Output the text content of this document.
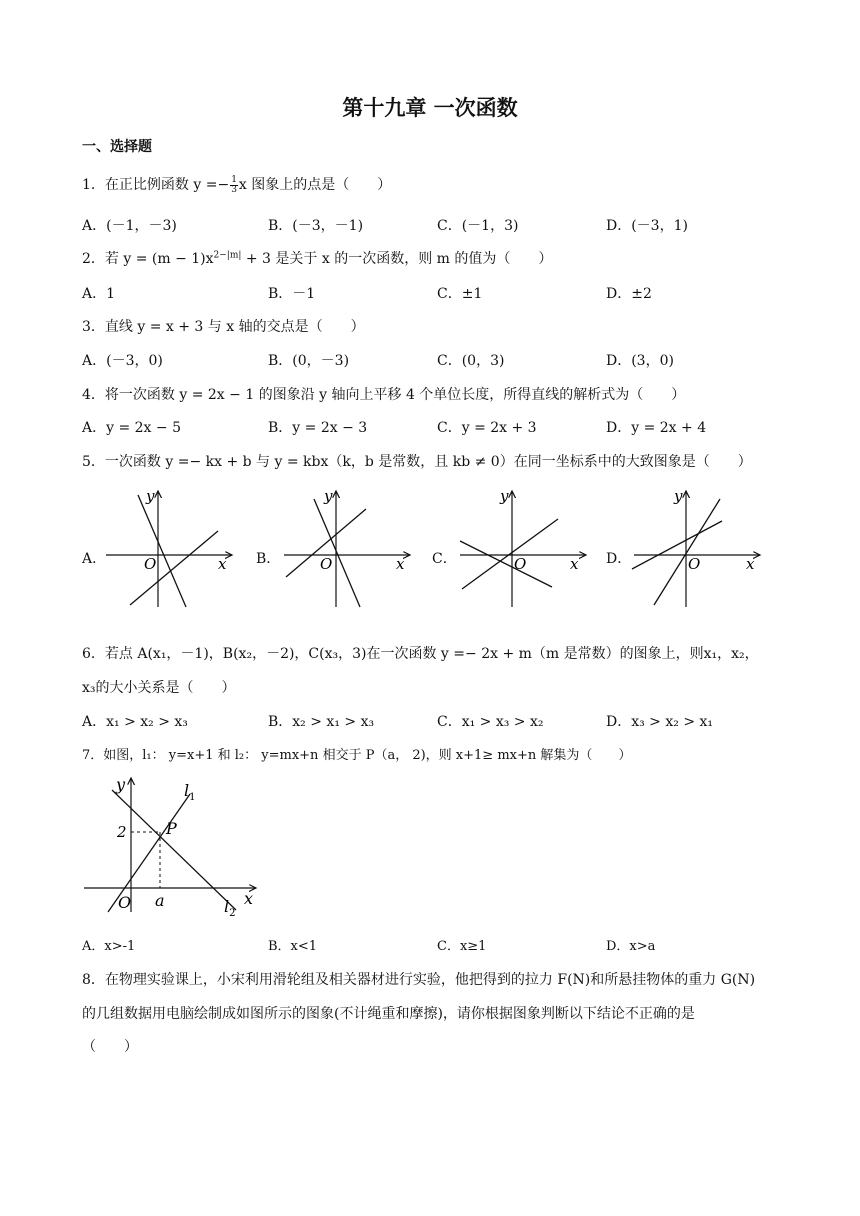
第十九章 一次函数
一、选择题
1．在正比例函数 $y =- \frac{1}{3}$ x 图象上的点是（　　）
A．(－1，－3)	B．(－3，－1)	C．(－1，3)	D．(－3，1)
2．若 $y = (m - 1)x^{2-|m|} + 3$ 是关于 x 的一次函数，则 m 的值为（　　）
A．1	B．－1	C．±1	D．±2
3．直线 y = x + 3 与 x 轴的交点是（　　）
A．(－3，0)	B．(0，－3)	C．(0，3)	D．(3，0)
4．将一次函数 y = 2x − 1 的图象沿 y 轴向上平移 4 个单位长度，所得直线的解析式为（　　）
A．y = 2x − 5	B．y = 2x − 3	C．y = 2x + 3	D．y = 2x + 4
5．一次函数 y =− kx + b 与 y = kbx（k，b 是常数，且 kb ≠ 0）在同一坐标系中的大致图象是（　　）
A．
y
x
O	B．
y
x
O	C．
y
x
O	D．
y
x
O
6．若点 A(x₁，－1)，B(x₂，－2)，C(x₃，3)在一次函数 y =− 2x + m（m 是常数）的图象上，则x₁，x₂，
x₃的大小关系是（　　）
A．x₁ > x₂ > x₃	B．x₂ > x₁ > x₃	C．x₁ > x₃ > x₂	D．x₃ > x₂ > x₁
7．如图，l₁： y=x+1 和 l₂： y=mx+n 相交于 P（a， 2)，则 x+1≥ mx+n 解集为（　　）
y
x
O
2 P
a
$l_1$
$l_2$
A．x>-1	B．x<1	C．x≥1	D．x>a
8．在物理实验课上，小宋利用滑轮组及相关器材进行实验，他把得到的拉力 F(N)和所悬挂物体的重力 G(N)
的几组数据用电脑绘制成如图所示的图象(不计绳重和摩擦)，请你根据图象判断以下结论不正确的是
（　　）
